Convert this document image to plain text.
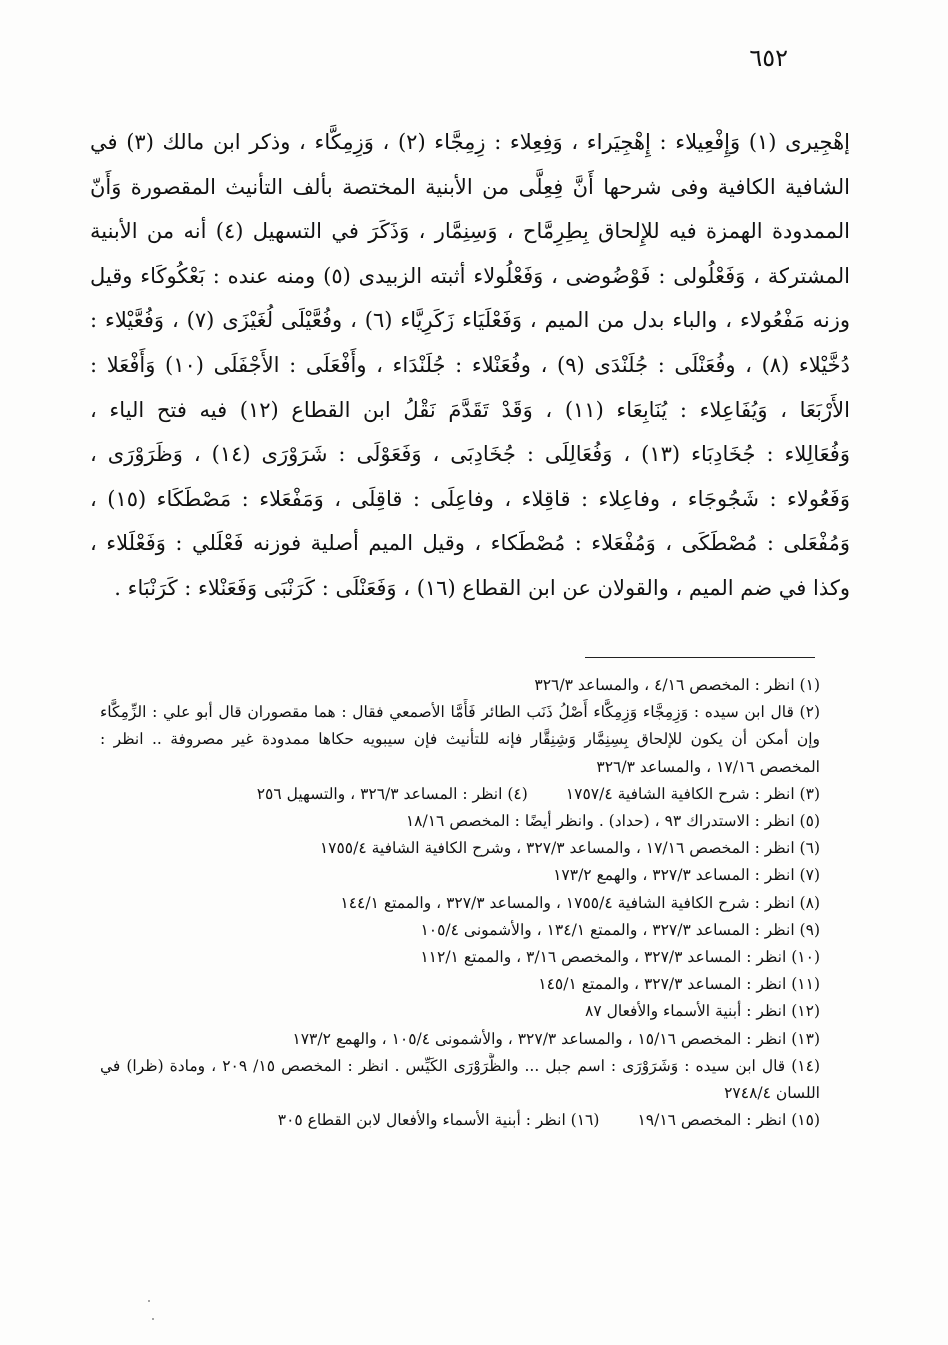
٦٥٢
إهْجِيرى (١) وَإِفْعِيلاء : إِهْجِيَراء ، وَفِعِلاء : زِمِجَّاء (٢) ، وَزِمِكَّاء ، وذكر ابن مالك (٣) في
الشافية الكافية وفى شرحها أَنَّ فِعِلَّى من الأبنية المختصة بألف التأنيث المقصورة وَأَنّ
الممدودة الهمزة فيه للإِلحاق بِطِرِمَّاح ، وَسِنِمَّار ، وَذَكَرَ في التسهيل (٤) أنه من الأبنية
المشتركة ، وَفَعْلُولى : فَوْضُوضى ، وَفَعْلُولاء أثبته الزبيدى (٥) ومنه عنده : بَعْكُوكَاء وقيل
وزنه مَفْعُولاء ، والباء بدل من الميم ، وَفَعْلَيَاء زَكَرِيَّاء (٦) ، وفُعَّيْلَى لُغَيْزَى (٧) ، وَفُعَّيْلاء :
دُخَّيْلاء (٨) ، وفُعَنْلَى : جُلَنْدَى (٩) ، وفُعَنْلاء : جُلَنْدَاء ، وأَفْعَلَى : الأَجْفَلَى (١٠) وَأَفْعَلا :
الأَرْبَعَا ، وَيُفَاعِلاء : يُنَابِعَاء (١١) ، وَقَدْ تَقَدَّمَ نَقْلُ ابن القطاع (١٢) فيه فتح الياء ،
وَفُعَالِلاء : جُخَادِبَاء (١٣) ، وَفُعَالِلَى : جُخَادِبَى ، وَفَعَوْلَى : شَرَوْرَى (١٤) ، وَظَرَوْرَى ،
وَفَعُولاء : شَجُوجَاء ، وفاعِلاء : قاقِلاء ، وفاعِلَى : قاقِلَى ، وَمَفْعَلاء : مَصْطَكَاء (١٥) ،
وَمُفْعَلى : مُصْطَكَى ، وَمُفْعَلاء : مُصْطَكاء ، وقيل الميم أصلية فوزنه فَعْلَلي : وَفَعْلَلاء ،
وكذا في ضم الميم ، والقولان عن ابن القطاع (١٦) ، وَفَعَنْلَى : كَرَنْبَى وَفَعَنْلاء : كَرَنْبَاء .
(١) انظر : المخصص ٤/١٦ ، والمساعد ٣٢٦/٣
(٢) قال ابن سيده : وَزِمِجَّاء وَزِمِكَّاء أَصْلُ ذَنَب الطائر فَأَمَّا الأصمعي فقال : هما مقصوران قال أبو علي : الزِّمِكَّاء وإن أمكن أن يكون للإلحاق بِسِنِمَّار وَشِنِقَّار فإنه للتأنيث فإن سيبويه حكاها ممدودة غير مصروفة .. انظر : المخصص ١٧/١٦ ، والمساعد ٣٢٦/٣
(٣) انظر : شرح الكافية الشافية ١٧٥٧/٤(٤) انظر : المساعد ٣٢٦/٣ ، والتسهيل ٢٥٦
(٥) انظر : الاستدراك ٩٣ ، (حداد) . وانظر أيضًا : المخصص ١٨/١٦
(٦) انظر : المخصص ١٧/١٦ ، والمساعد ٣٢٧/٣ ، وشرح الكافية الشافية ١٧٥٥/٤
(٧) انظر : المساعد ٣٢٧/٣ ، والهمع ١٧٣/٢
(٨) انظر : شرح الكافية الشافية ١٧٥٥/٤ ، والمساعد ٣٢٧/٣ ، والممتع ١٤٤/١
(٩) انظر : المساعد ٣٢٧/٣ ، والممتع ١٣٤/١ ، والأشمونى ١٠٥/٤
(١٠) انظر : المساعد ٣٢٧/٣ ، والمخصص ٣/١٦ ، والممتع ١١٢/١
(١١) انظر : المساعد ٣٢٧/٣ ، والممتع ١٤٥/١
(١٢) انظر : أبنية الأسماء والأفعال ٨٧
(١٣) انظر : المخصص ١٥/١٦ ، والمساعد ٣٢٧/٣ ، والأشمونى ١٠٥/٤ ، والهمع ١٧٣/٢
(١٤) قال ابن سيده : وَشَرَوْرَى : اسم جبل ... والظَّرَوْرَى الكَيِّس . انظر : المخصص ١٥/ ٢٠٩ ، ومادة (ظرا) في اللسان ٢٧٤٨/٤
(١٥) انظر : المخصص ١٩/١٦(١٦) انظر : أبنية الأسماء والأفعال لابن القطاع ٣٠٥
